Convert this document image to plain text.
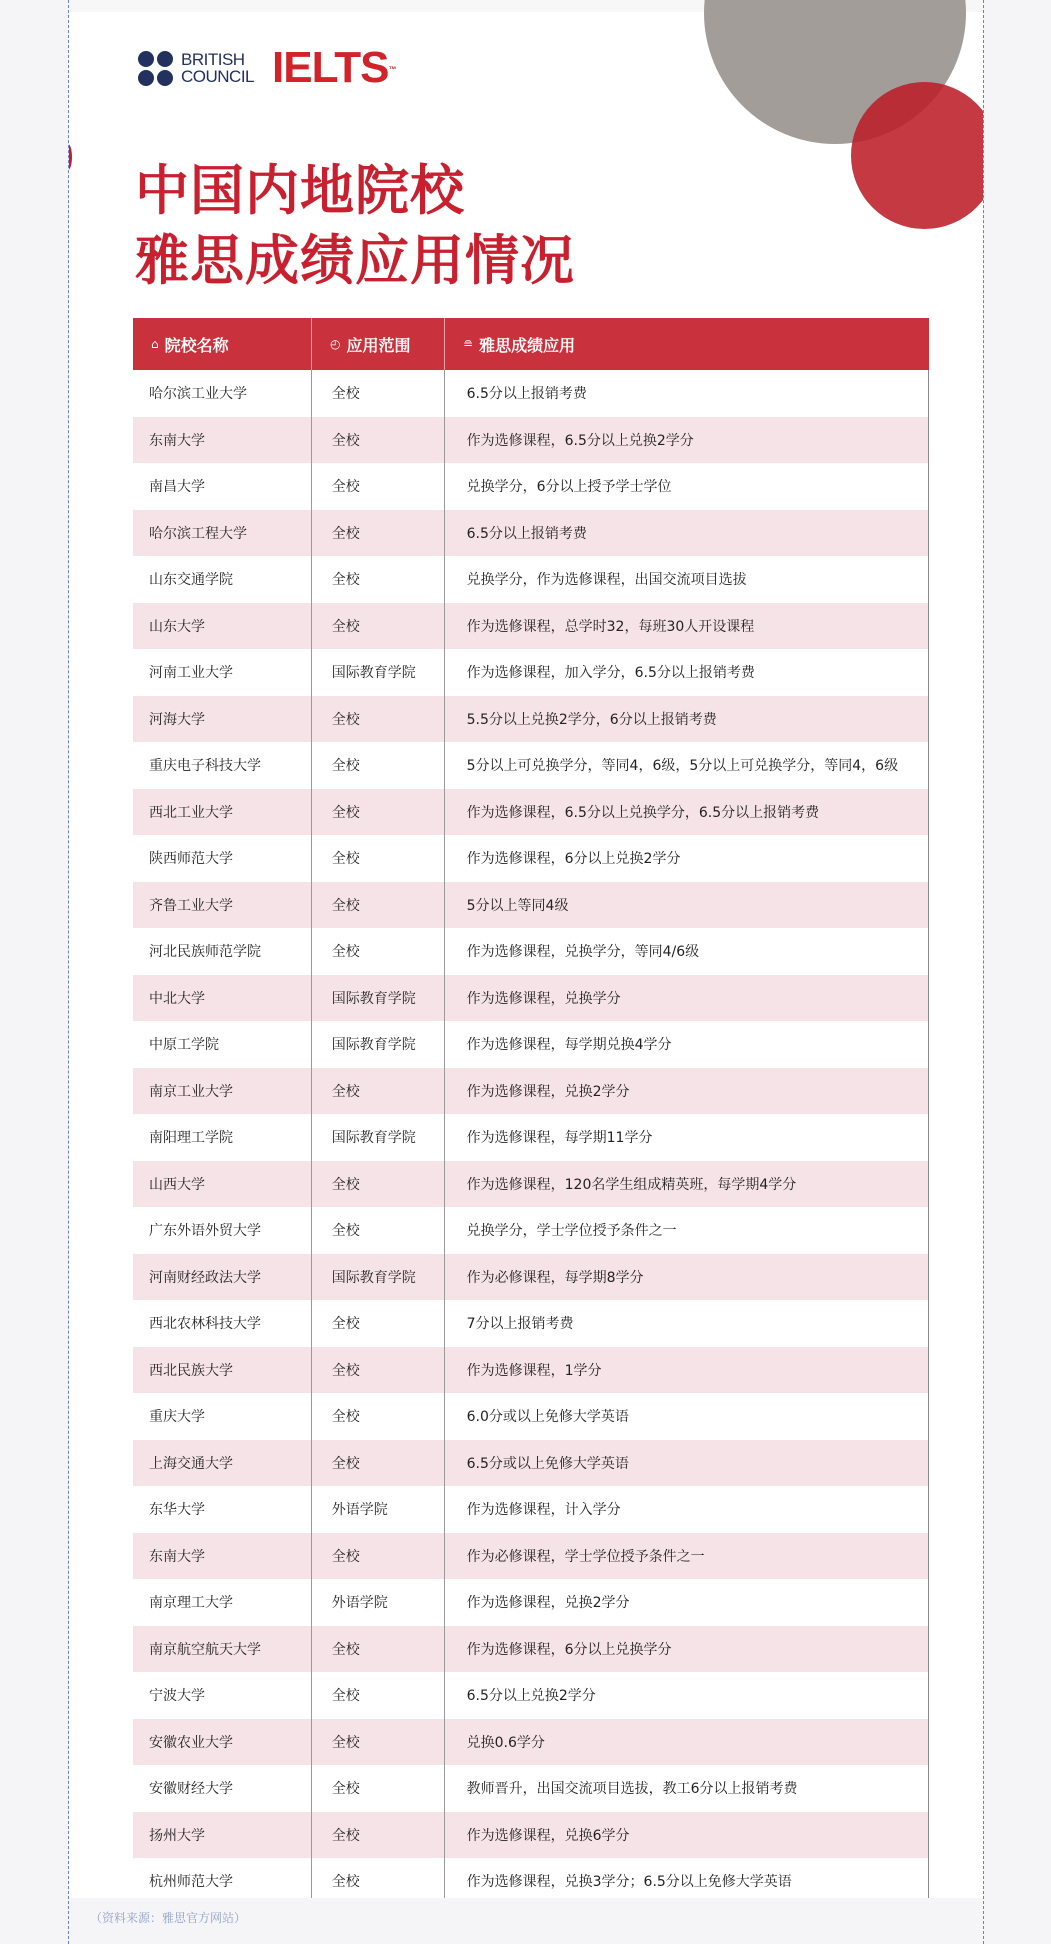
BRITISH
COUNCIL IELTS™
中国内地院校
雅思成绩应用情况
⌂ 院校名称	◴ 应用范围	≘ 雅思成绩应用
哈尔滨工业大学	全校	6.5分以上报销考费
东南大学	全校	作为选修课程，6.5分以上兑换2学分
南昌大学	全校	兑换学分，6分以上授予学士学位
哈尔滨工程大学	全校	6.5分以上报销考费
山东交通学院	全校	兑换学分，作为选修课程，出国交流项目选拔
山东大学	全校	作为选修课程，总学时32，每班30人开设课程
河南工业大学	国际教育学院	作为选修课程，加入学分，6.5分以上报销考费
河海大学	全校	5.5分以上兑换2学分，6分以上报销考费
重庆电子科技大学	全校	5分以上可兑换学分，等同4，6级，5分以上可兑换学分，等同4，6级
西北工业大学	全校	作为选修课程，6.5分以上兑换学分，6.5分以上报销考费
陕西师范大学	全校	作为选修课程，6分以上兑换2学分
齐鲁工业大学	全校	5分以上等同4级
河北民族师范学院	全校	作为选修课程，兑换学分，等同4/6级
中北大学	国际教育学院	作为选修课程，兑换学分
中原工学院	国际教育学院	作为选修课程，每学期兑换4学分
南京工业大学	全校	作为选修课程，兑换2学分
南阳理工学院	国际教育学院	作为选修课程，每学期11学分
山西大学	全校	作为选修课程，120名学生组成精英班，每学期4学分
广东外语外贸大学	全校	兑换学分，学士学位授予条件之一
河南财经政法大学	国际教育学院	作为必修课程，每学期8学分
西北农林科技大学	全校	7分以上报销考费
西北民族大学	全校	作为选修课程，1学分
重庆大学	全校	6.0分或以上免修大学英语
上海交通大学	全校	6.5分或以上免修大学英语
东华大学	外语学院	作为选修课程，计入学分
东南大学	全校	作为必修课程，学士学位授予条件之一
南京理工大学	外语学院	作为选修课程，兑换2学分
南京航空航天大学	全校	作为选修课程，6分以上兑换学分
宁波大学	全校	6.5分以上兑换2学分
安徽农业大学	全校	兑换0.6学分
安徽财经大学	全校	教师晋升，出国交流项目选拔，教工6分以上报销考费
扬州大学	全校	作为选修课程，兑换6学分
杭州师范大学	全校	作为选修课程，兑换3学分；6.5分以上免修大学英语
（资料来源：雅思官方网站）
